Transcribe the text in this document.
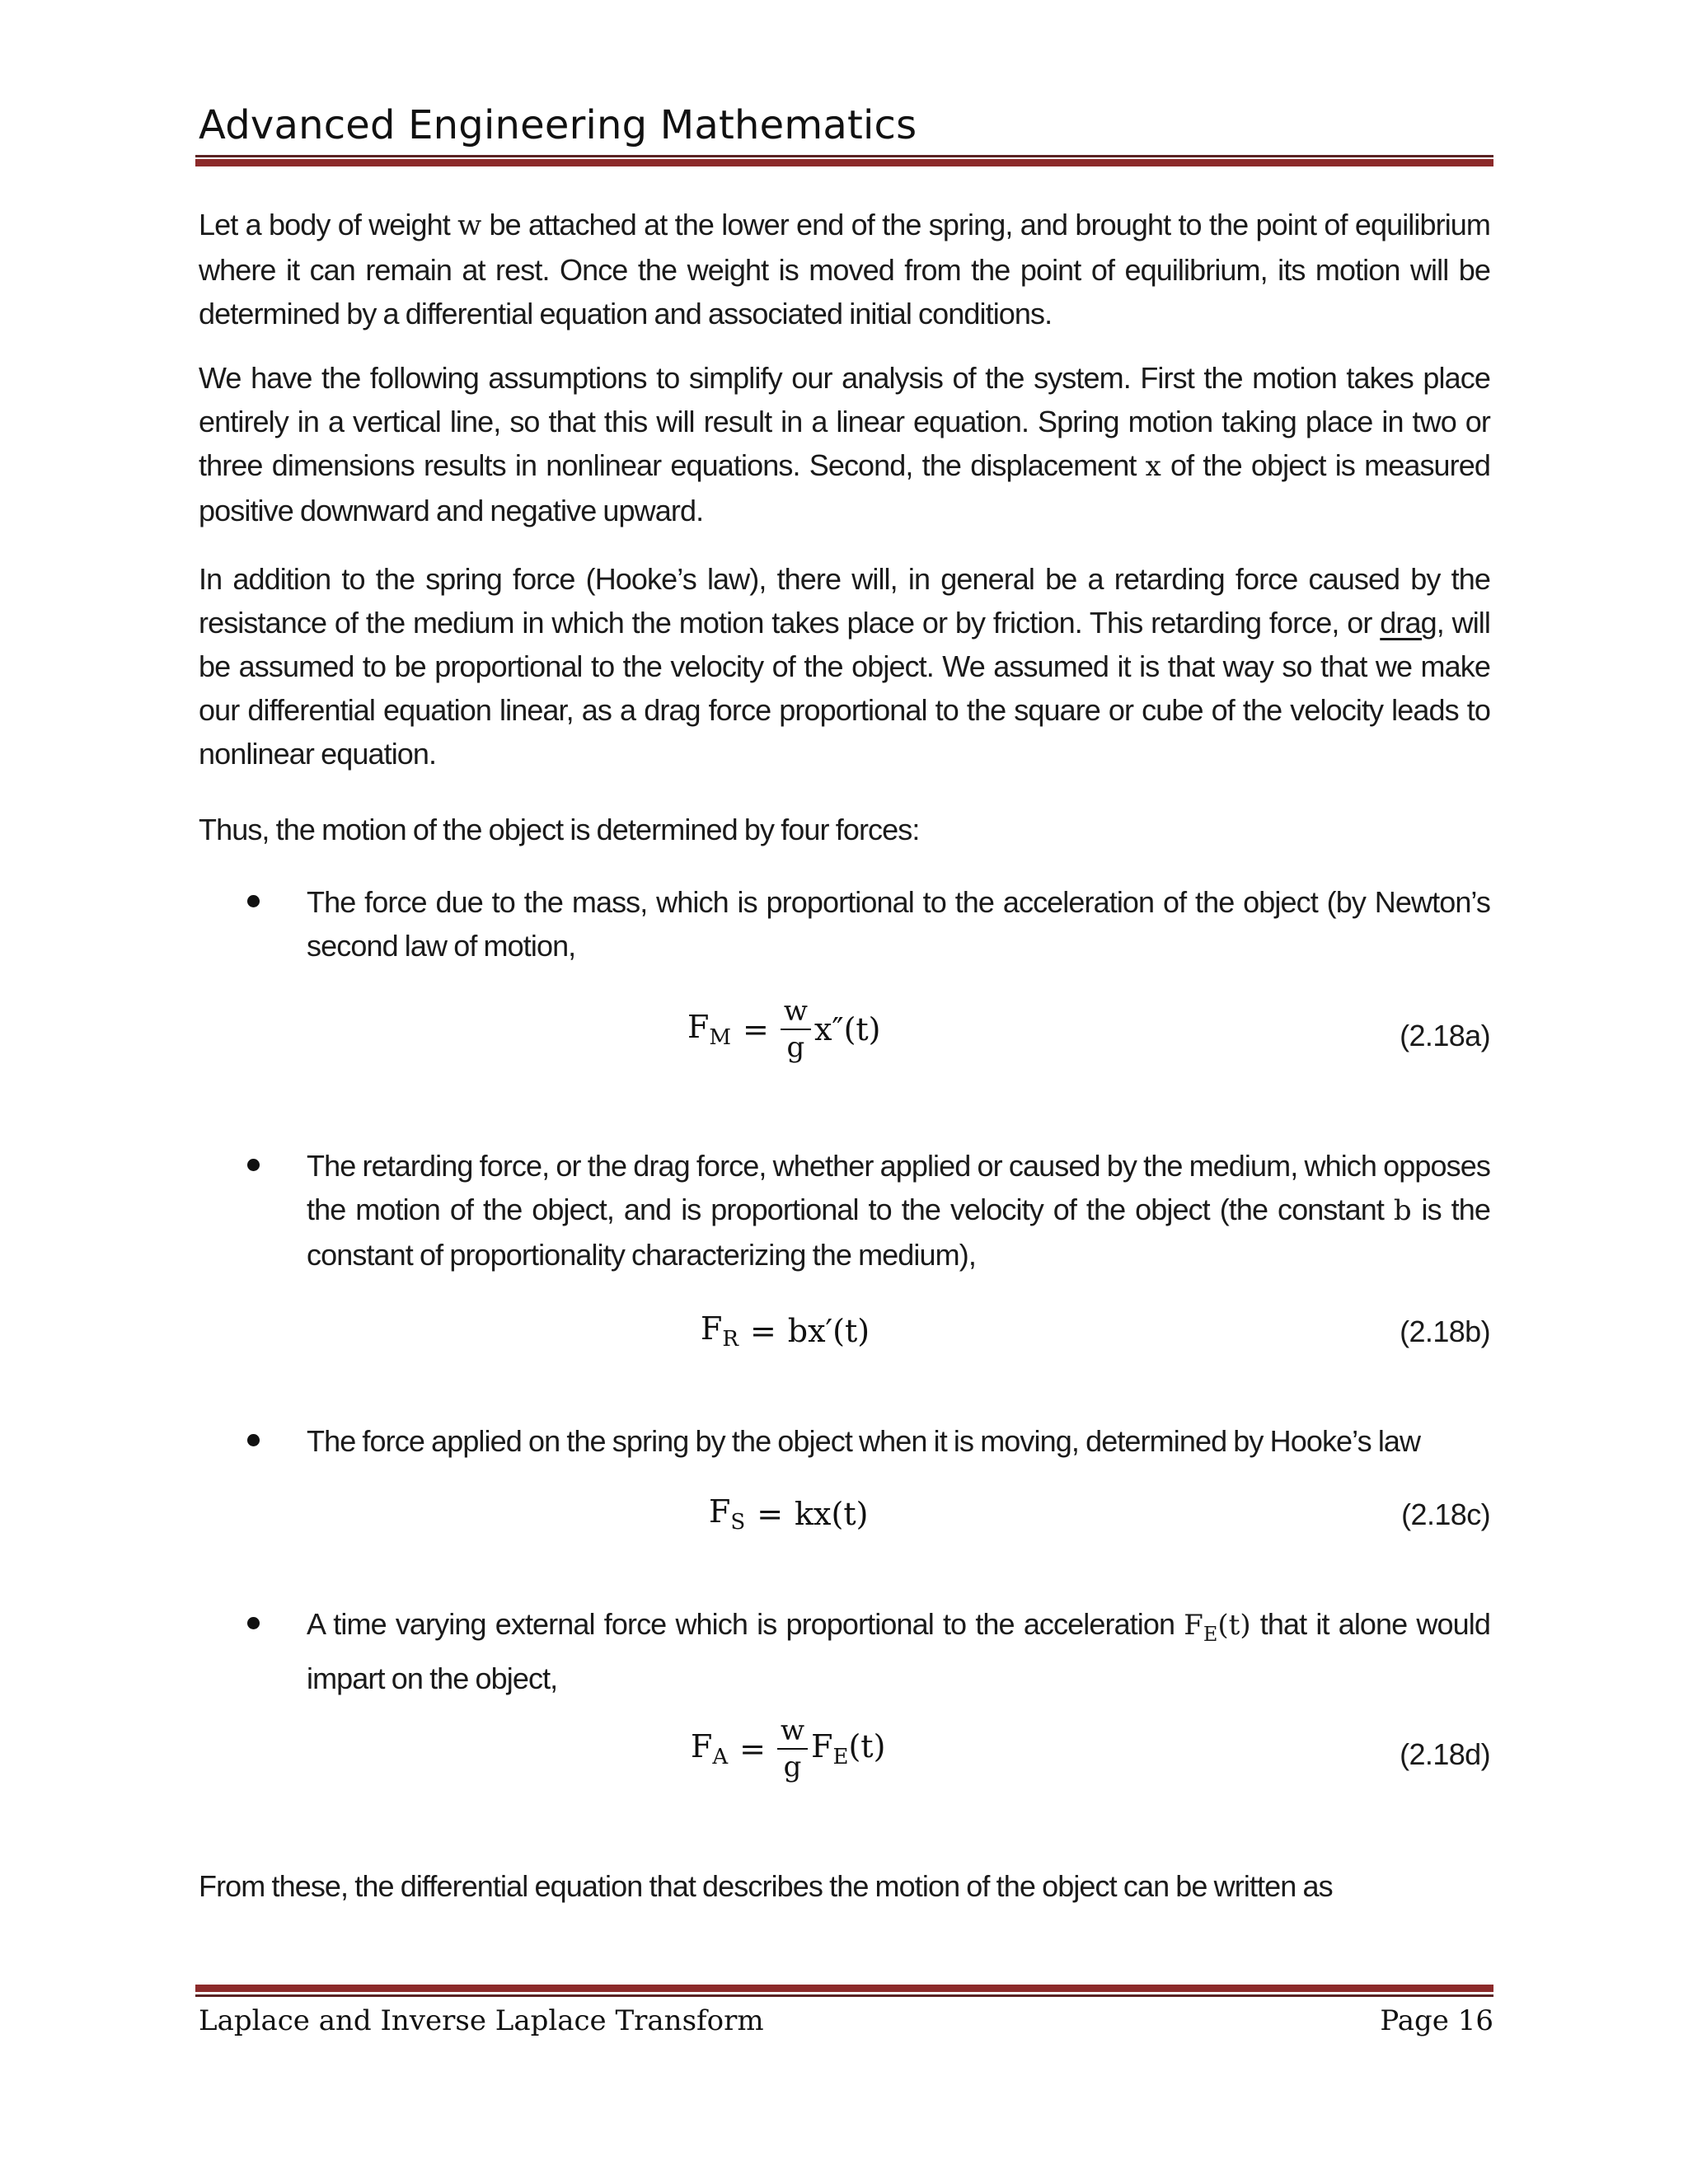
Advanced Engineering Mathematics
Let a body of weight w be attached at the lower end of the spring, and brought to the point of equilibrium where it can remain at rest. Once the weight is moved from the point of equilibrium, its motion will be determined by a differential equation and associated initial conditions.
We have the following assumptions to simplify our analysis of the system. First the motion takes place entirely in a vertical line, so that this will result in a linear equation. Spring motion taking place in two or three dimensions results in nonlinear equations. Second, the displacement x of the object is measured positive downward and negative upward.
In addition to the spring force (Hooke’s law), there will, in general be a retarding force caused by the resistance of the medium in which the motion takes place or by friction. This retarding force, or drag, will be assumed to be proportional to the velocity of the object. We assumed it is that way so that we make our differential equation linear, as a drag force proportional to the square or cube of the velocity leads to nonlinear equation.
Thus, the motion of the object is determined by four forces:
The force due to the mass, which is proportional to the acceleration of the object (by Newton’s second law of motion,
$F_M = \frac{w}{g} x''(t)$	(2.18a)
The retarding force, or the drag force, whether applied or caused by the medium, which opposes the motion of the object, and is proportional to the velocity of the object (the constant b is the constant of proportionality characterizing the medium),
$F_R = bx'(t)$	(2.18b)
The force applied on the spring by the object when it is moving, determined by Hooke’s law
$F_S = kx(t)$	(2.18c)
A time varying external force which is proportional to the acceleration $F_E(t)$ that it alone would impart on the object,
$F_A = \frac{w}{g} F_E(t)$	(2.18d)
From these, the differential equation that describes the motion of the object can be written as
Laplace and Inverse Laplace Transform	Page 16
